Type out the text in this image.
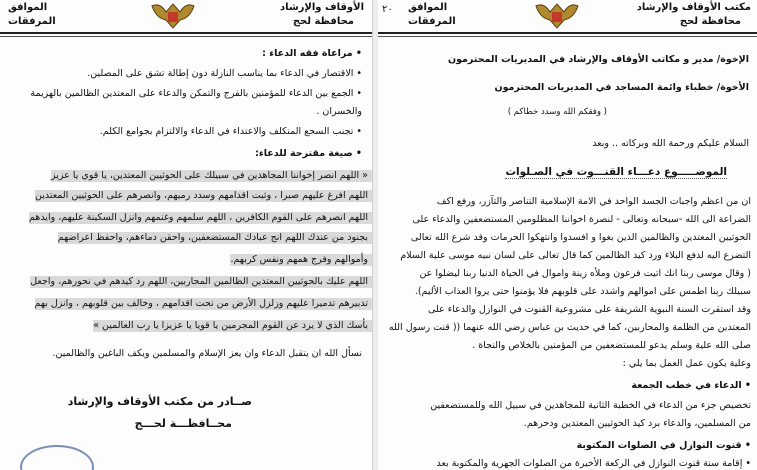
الأوقاف والإرشاد
محافظة لحج
الموافق
المرفقات
• مراعاة فقه الدعاء :
• الاقتصار في الدعاء بما يناسب النازلة دون إطالة تشق على المصلين.
• الجمع بين الدعاء للمؤمنين بالفرج والتمكن والدعاء على المعتدين الظالمين بالهزيمة
والخسران .
• تجنب السجع المتكلف والاعتداء في الدعاء والالتزام بجوامع الكلم.
• صيغة مقترحة للدعاء:
« اللهم انصر إخواننا المجاهدين في سبيلك على الحوثيين المعتدين، يا قوي يا عزيز
اللهم افرغ عليهم صبرا ، وثبت اقدامهم وسدد رميهم، وانصرهم على الحوثيين المعتدين
اللهم انصرهم على القوم الكافرين ، اللهم سلمهم وغنمهم وانزل السكينة عليهم، وايدهم
بجنود من عندك اللهم انج عبادك المستضعفين، واحقن دماءهم، واحفظ اعراضهم
وأموالهم وفرج همهم ونفس كربهم.
اللهم عليك بالحوثيين المعتدين الظالمين المحاربين، اللهم رد كيدهم في نحورهم، واجعل
تدبيرهم تدميرا عليهم وزلزل الأرض من تحت اقدامهم ، وخالف بين قلوبهم ، وانزل بهم
بأسك الذي لا يرد عن القوم المجرمين يا قويا يا عزيزا يا رب العالمين »
نسأل الله ان يتقبل الدعاء وان يعز الإسلام والمسلمين ويكف الباغين والظالمين.
صــادر من مكتب الأوقاف والإرشاد
محــافظـــة لحـــج
مكتب الأوقاف والإرشاد
محافظة لحج
الموافق
المرفقات
٢٠
الإخوة/ مدير و مكاتب الأوقاف والإرشاد في المديريات المحترمون
الأخوة/ خطباء وائمة المساجد في المديريات المحترمون
( وفقكم الله وسدد خطاكم )
السلام عليكم ورحمة الله وبركاته .. وبعد
الموضـــــوع دعـــاء القنـــوت في الصـلوات
ان من اعظم واجبات الجسد الواحد في الامة الإسلامية التناصر والتآزر، ورفع اكف
الضراعة الى الله -سبحانه وتعالى - لنصرة اخواننا المظلومين المستضعفين والدعاء على
الحوثيين المعتدين والظالمين الذين بغوا و افسدوا وانتهكوا الحرمات وقد شرع الله تعالى
التضرع اليه لدفع البلاء ورد كيد الظالمين كما قال تعالى على لسان نبيه موسى علية السلام
( وقال موسى ربنا انك اتيت فرعون وملأه زينة واموال في الحياة الدنيا ربنا ليضلوا عن
سبيلك ربنا اطمس على اموالهم واشدد على قلوبهم فلا يؤمنوا حتى يروا العذاب الأليم).
وقد استقرت السنة النبوية الشريفة على مشروعية القنوت في النوازل والدعاء على
المعتدين من الظلمة والمحاربين، كما في حديث بن عباس رضي الله عنهما (( قنت رسول الله
صلى الله علية وسلم يدعو للمستضعفين من المؤمنين بالخلاص والنجاة .
وعلية يكون عمل العمل بما يلي :
• الدعاء في خطب الجمعة
تخصيص جزء من الدعاء في الخطبة الثانية للمجاهدين في سبيل الله وللمستضعفين
من المسلمين، والدعاء برد كيد الحوثيين المعتدين ودحرهم.
• قنوت النوازل في الصلوات المكتوبة
• إقامة سنة قنوت النوازل في الركعة الأخيرة من الصلوات الجهرية والمكتوبة بعد
